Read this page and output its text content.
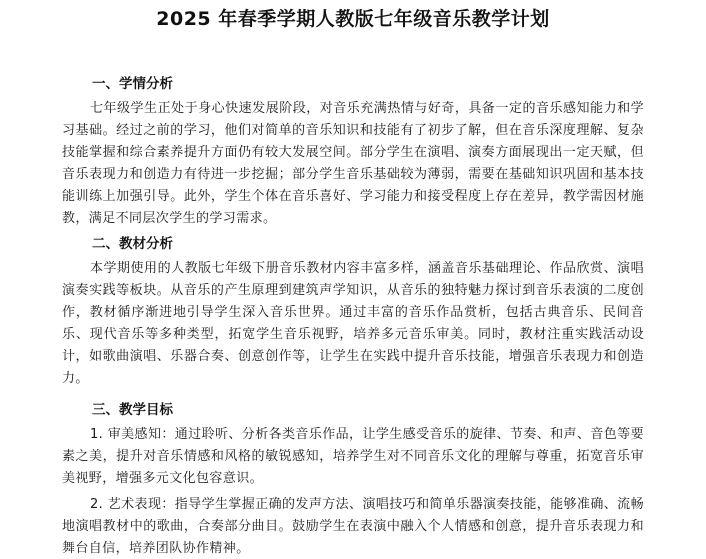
2025 年春季学期人教版七年级音乐教学计划
一、学情分析

七年级学生正处于身心快速发展阶段，对音乐充满热情与好奇，具备一定的音乐感知能力和学习基础。经过之前的学习，他们对简单的音乐知识和技能有了初步了解，但在音乐深度理解、复杂技能掌握和综合素养提升方面仍有较大发展空间。部分学生在演唱、演奏方面展现出一定天赋，但音乐表现力和创造力有待进一步挖掘；部分学生音乐基础较为薄弱，需要在基础知识巩固和基本技能训练上加强引导。此外，学生个体在音乐喜好、学习能力和接受程度上存在差异，教学需因材施教，满足不同层次学生的学习需求。

二、教材分析

本学期使用的人教版七年级下册音乐教材内容丰富多样，涵盖音乐基础理论、作品欣赏、演唱演奏实践等板块。从音乐的产生原理到建筑声学知识，从音乐的独特魅力探讨到音乐表演的二度创作，教材循序渐进地引导学生深入音乐世界。通过丰富的音乐作品赏析，包括古典音乐、民间音乐、现代音乐等多种类型，拓宽学生音乐视野，培养多元音乐审美。同时，教材注重实践活动设计，如歌曲演唱、乐器合奏、创意创作等，让学生在实践中提升音乐技能，增强音乐表现力和创造力。

三、教学目标

1. 审美感知：通过聆听、分析各类音乐作品，让学生感受音乐的旋律、节奏、和声、音色等要素之美，提升对音乐情感和风格的敏锐感知，培养学生对不同音乐文化的理解与尊重，拓宽音乐审美视野，增强多元文化包容意识。

2. 艺术表现：指导学生掌握正确的发声方法、演唱技巧和简单乐器演奏技能，能够准确、流畅地演唱教材中的歌曲，合奏部分曲目。鼓励学生在表演中融入个人情感和创意，提升音乐表现力和舞台自信，培养团队协作精神。
